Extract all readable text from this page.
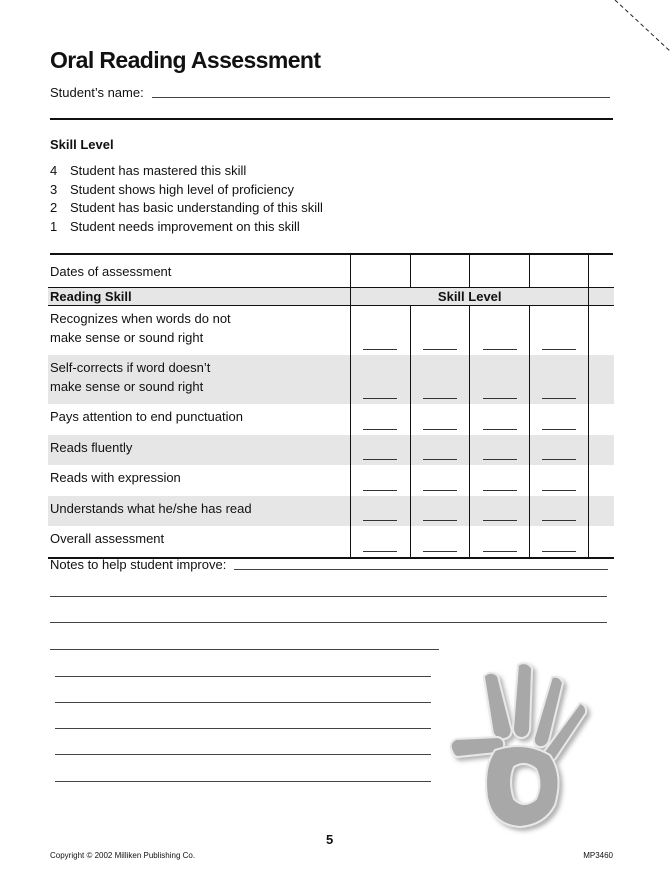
Oral Reading Assessment
Student’s name:
Skill Level
4 Student has mastered this skill
3 Student shows high level of proficiency
2 Student has basic understanding of this skill
1 Student needs improvement on this skill
Dates of assessment					
Reading Skill	Skill Level				
Recognizes when words do not
make sense or sound right	

Self-corrects if word doesn’t
make sense or sound right	

Pays attention to end punctuation	

Reads fluently	

Reads with expression	

Understands what he/she has read	

Overall assessment	

Notes to help student improve:
5
Copyright © 2002 Milliken Publishing Co.	MP3460
